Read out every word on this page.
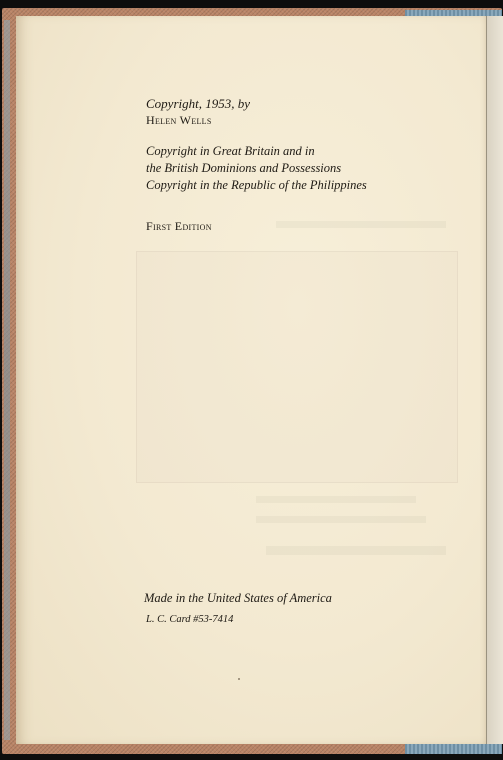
Copyright, 1953, by
Helen Wells
Copyright in Great Britain and in
the British Dominions and Possessions
Copyright in the Republic of the Philippines
First Edition
Made in the United States of America
L. C. Card #53-7414
